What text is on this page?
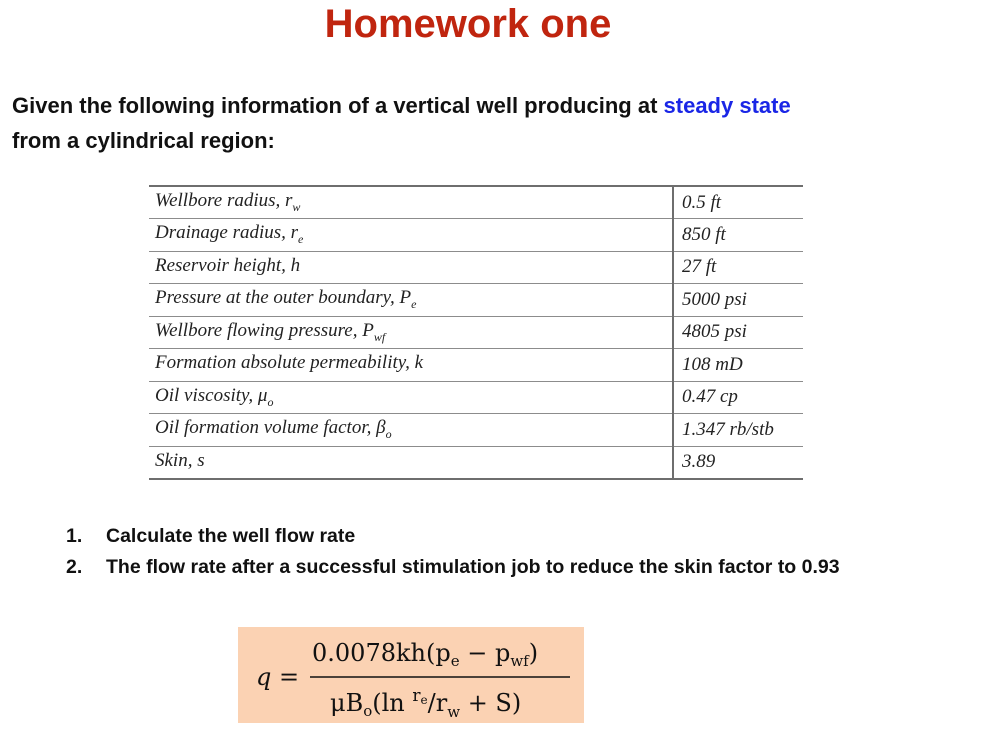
Homework one
Given the following information of a vertical well producing at steady state
from a cylindrical region:
Wellbore radius, $r_w$	0.5 ft
Drainage radius, $r_e$	850 ft
Reservoir height, h	27 ft
Pressure at the outer boundary, $P_e$	5000 psi
Wellbore flowing pressure, $P_{wf}$	4805 psi
Formation absolute permeability, k	108 mD
Oil viscosity, $\mu_o$	0.47 cp
Oil formation volume factor, $\beta_o$	1.347 rb/stb
Skin, s	3.89
1.	Calculate the well flow rate
2.	The flow rate after a successful stimulation job to reduce the skin factor to 0.93
q =
$0.0078kh(p_e - p_{wf})$
$\mu B_o(\ln$ $^re/r_w + S$)
